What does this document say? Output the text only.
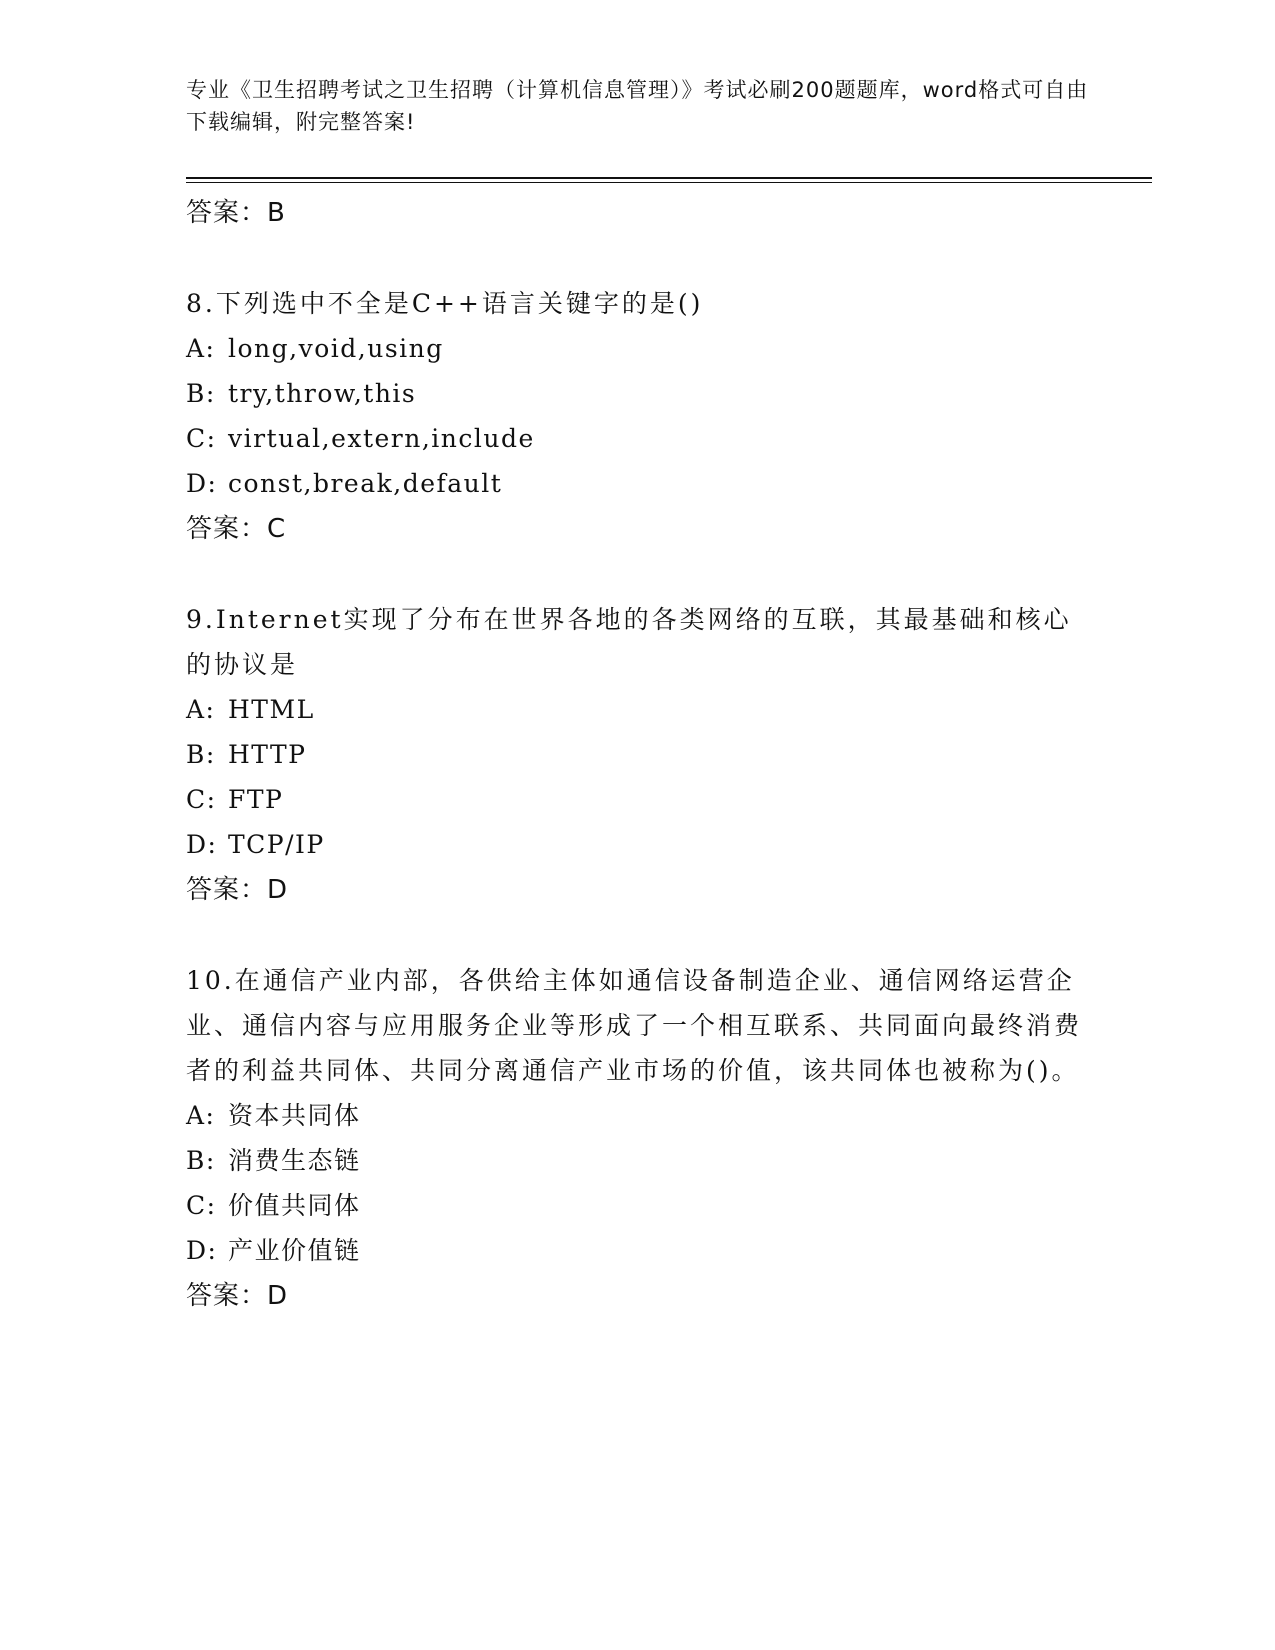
专业《卫生招聘考试之卫生招聘（计算机信息管理）》考试必刷200题题库，word格式可自由下载编辑，附完整答案!

答案：B

8.下列选中不全是C++语言关键字的是()

A: long,void,using

B: try,throw,this

C: virtual,extern,include

D: const,break,default

答案：C

9.Internet实现了分布在世界各地的各类网络的互联，其最基础和核心的协议是

A: HTML

B: HTTP

C: FTP

D: TCP/IP

答案：D

10.在通信产业内部，各供给主体如通信设备制造企业、通信网络运营企业、通信内容与应用服务企业等形成了一个相互联系、共同面向最终消费者的利益共同体、共同分离通信产业市场的价值，该共同体也被称为()。

A: 资本共同体

B: 消费生态链

C: 价值共同体

D: 产业价值链

答案：D
